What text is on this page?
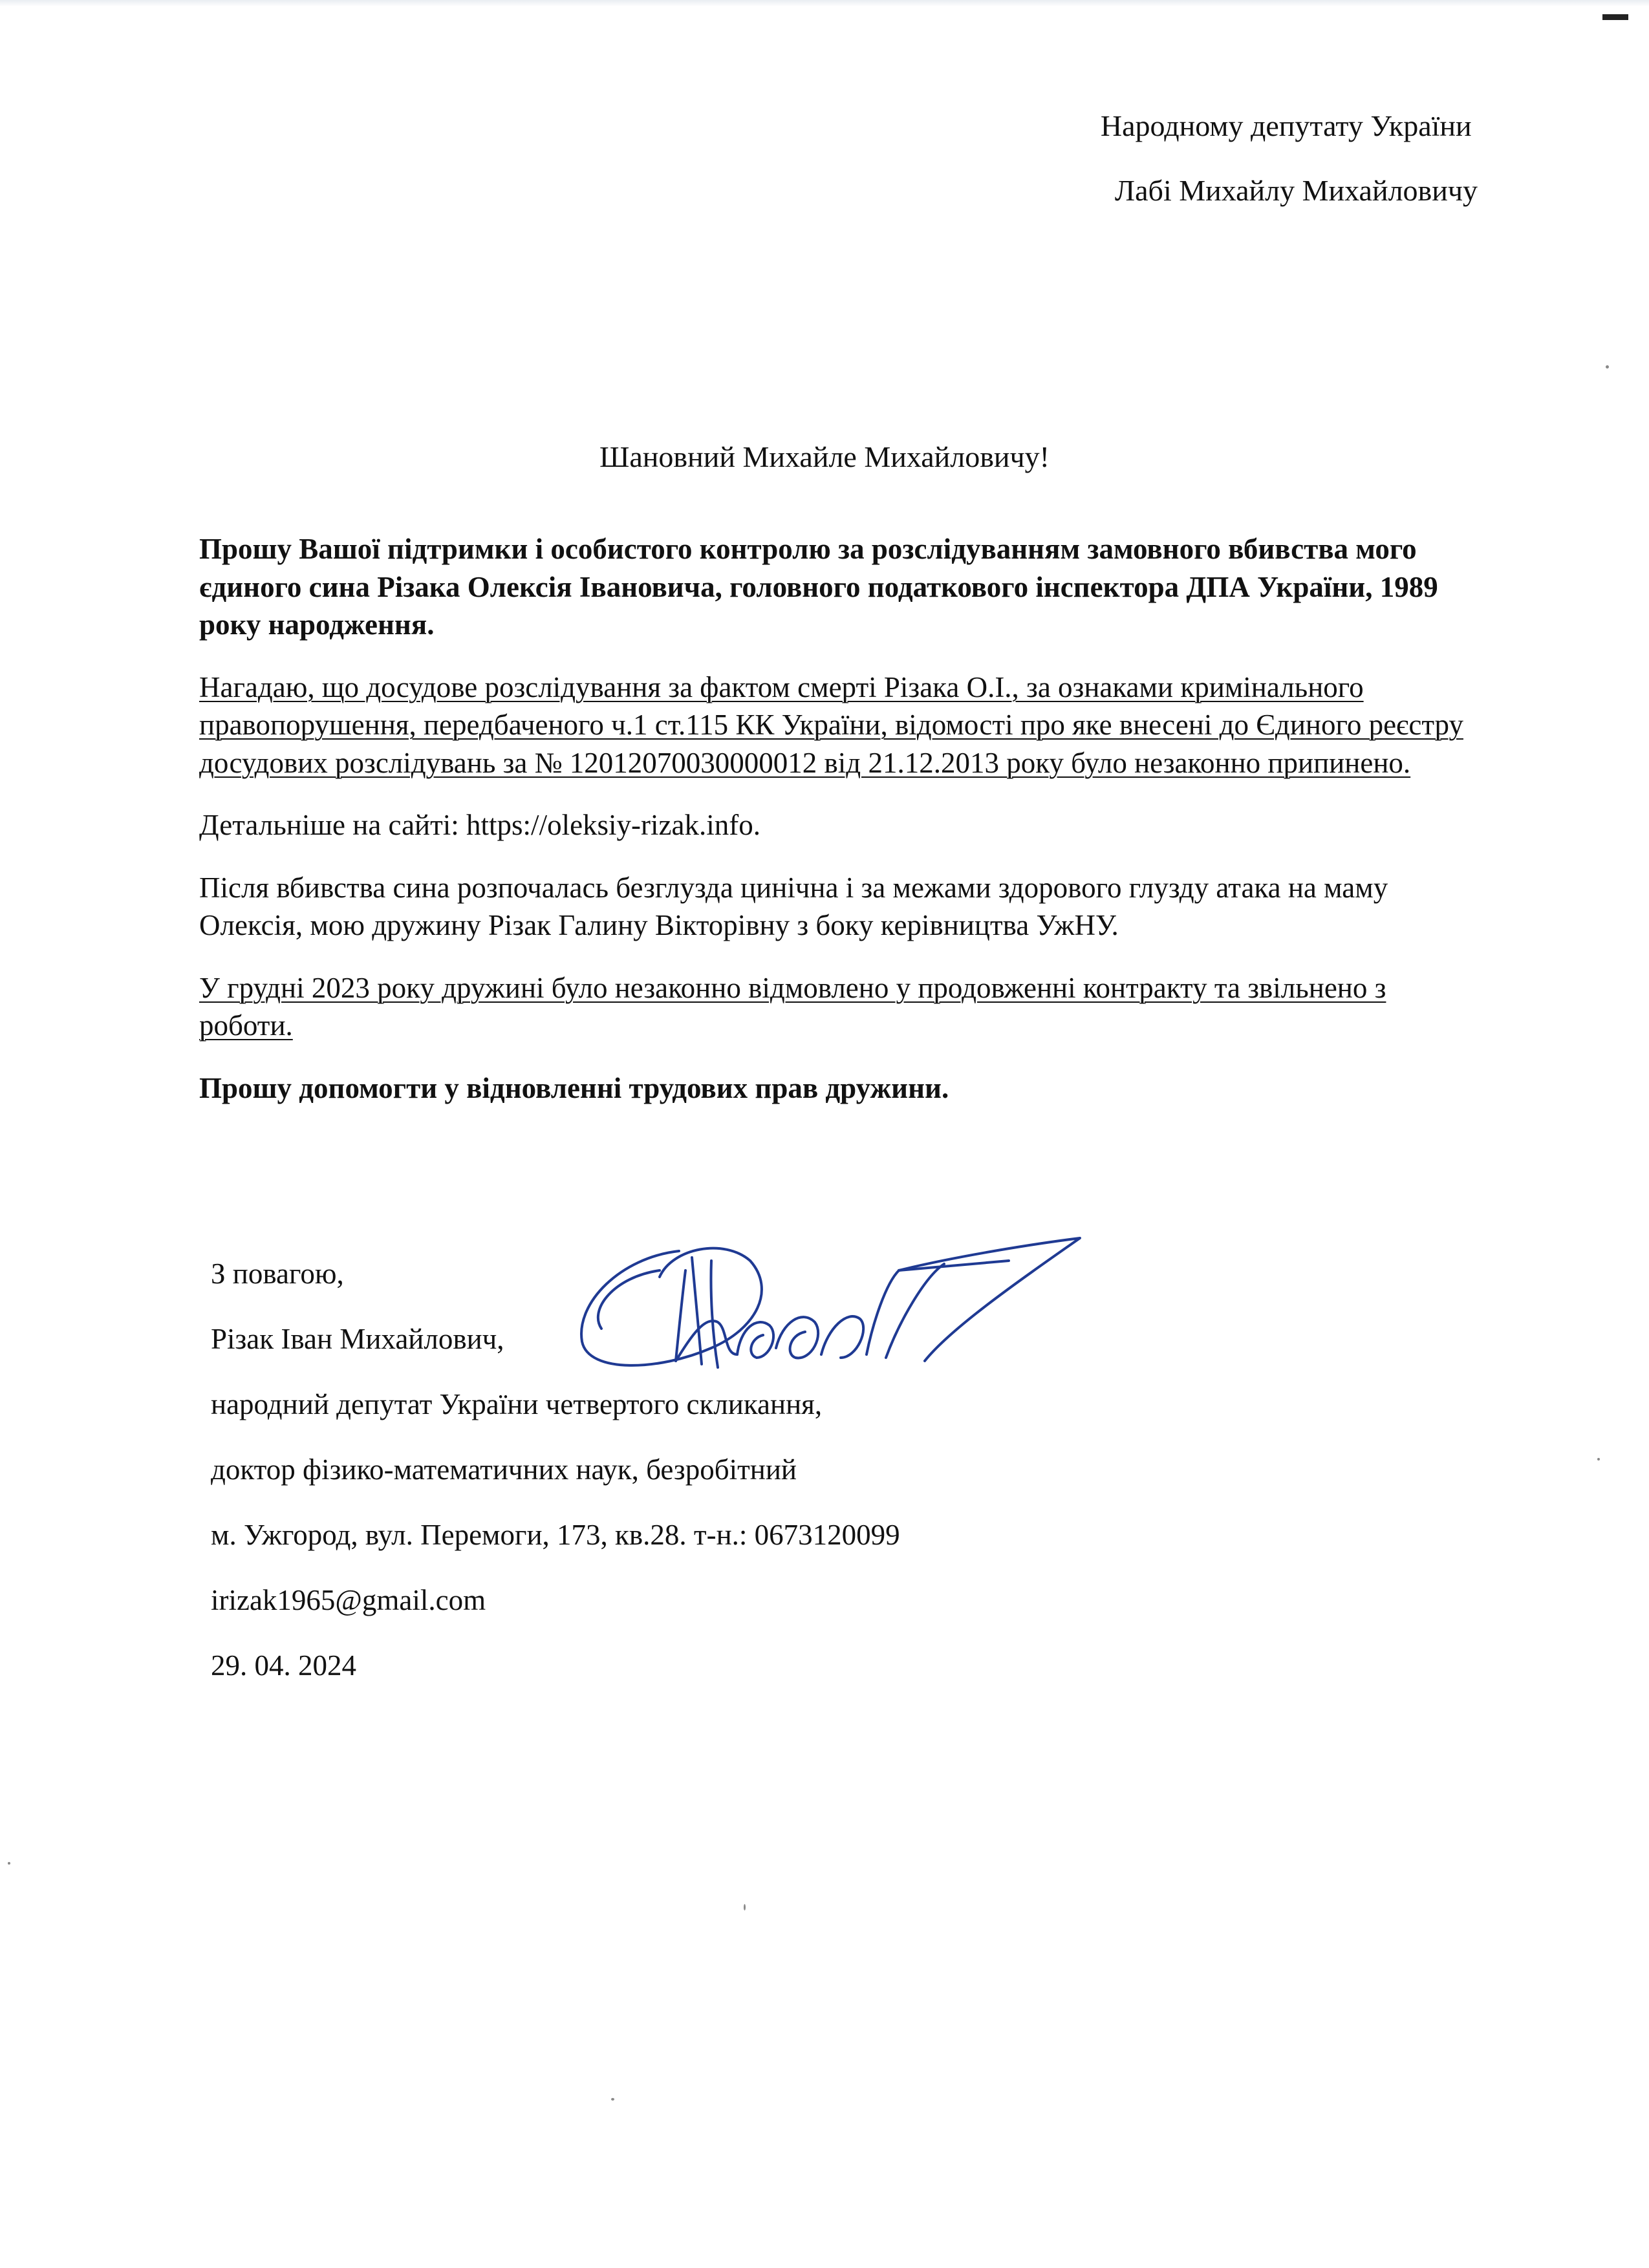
Народному депутату України
Лабі Михайлу Михайловичу
Шановний Михайле Михайловичу!

Прошу Вашої підтримки і особистого контролю за розслідуванням замовного вбивства мого єдиного сина Різака Олексія Івановича, головного податкового інспектора ДПА України, 1989 року народження.

Нагадаю, що досудове розслідування за фактом смерті Різака О.І., за ознаками кримінального правопорушення, передбаченого ч.1 ст.115 КК України, відомості про яке внесені до Єдиного реєстру досудових розслідувань за № 12012070030000012 від 21.12.2013 року було незаконно припинено.

Детальніше на сайті: https://oleksiy-rizak.info.

Після вбивства сина розпочалась безглузда цинічна і за межами здорового глузду атака на маму Олексія, мою дружину Різак Галину Вікторівну з боку керівництва УжНУ.

У грудні 2023 року дружині було незаконно відмовлено у продовженні контракту та звільнено з роботи.

Прошу допомогти у відновленні трудових прав дружини.

З повагою,
Різак Іван Михайлович,
народний депутат України четвертого скликання,
доктор фізико-математичних наук, безробітний
м. Ужгород, вул. Перемоги, 173, кв.28. т-н.: 0673120099
irizak1965@gmail.com
29. 04. 2024
